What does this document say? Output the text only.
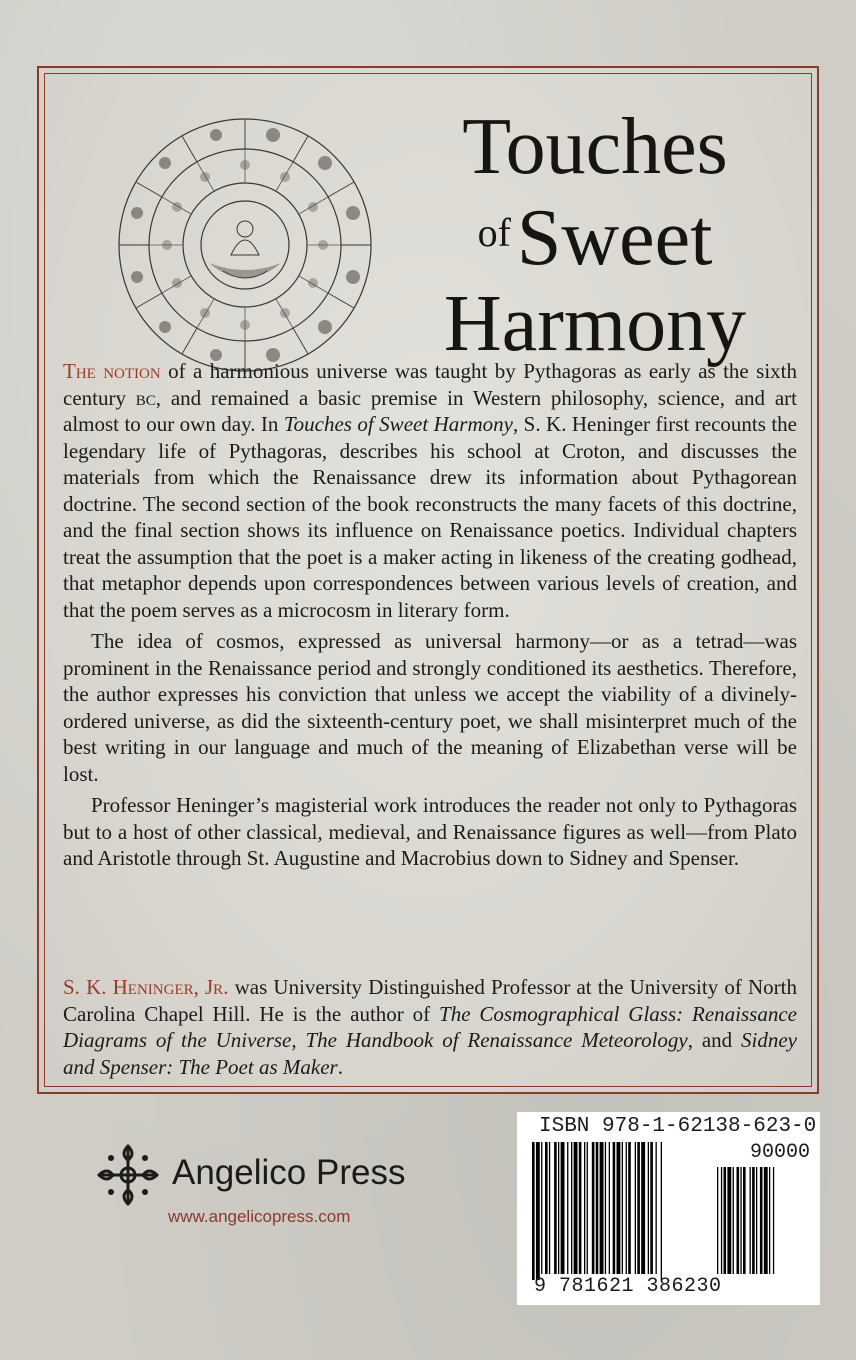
Touches
$^{of}$Sweet
Harmony

The notion of a harmonious universe was taught by Pythagoras as early as the sixth century bc, and remained a basic premise in Western philosophy, science, and art almost to our own day. In Touches of Sweet Harmony, S. K. Heninger first recounts the legendary life of Pythagoras, describes his school at Croton, and discusses the materials from which the Renaissance drew its information about Pythagorean doctrine. The second section of the book reconstructs the many facets of this doctrine, and the final section shows its influence on Renaissance poetics. Individual chapters treat the assumption that the poet is a maker acting in likeness of the creating godhead, that metaphor depends upon correspondences between various levels of creation, and that the poem serves as a microcosm in literary form.

The idea of cosmos, expressed as universal harmony—or as a tetrad—was prominent in the Renaissance period and strongly conditioned its aesthetics. Therefore, the author expresses his conviction that unless we accept the viability of a divinely-ordered universe, as did the sixteenth-century poet, we shall misinterpret much of the best writing in our language and much of the meaning of Elizabethan verse will be lost.

Professor Heninger’s magisterial work introduces the reader not only to Pythagoras but to a host of other classical, medieval, and Renaissance figures as well—from Plato and Aristotle through St. Augustine and Macrobius down to Sidney and Spenser.

S. K. Heninger, Jr. was University Distinguished Professor at the University of North Carolina Chapel Hill. He is the author of The Cosmographical Glass: Renaissance Diagrams of the Universe, The Handbook of Renaissance Meteorology, and Sidney and Spenser: The Poet as Maker.

Angelico Press
www.angelicopress.com
ISBN 978-1-62138-623-0
90000
9 781621 386230
